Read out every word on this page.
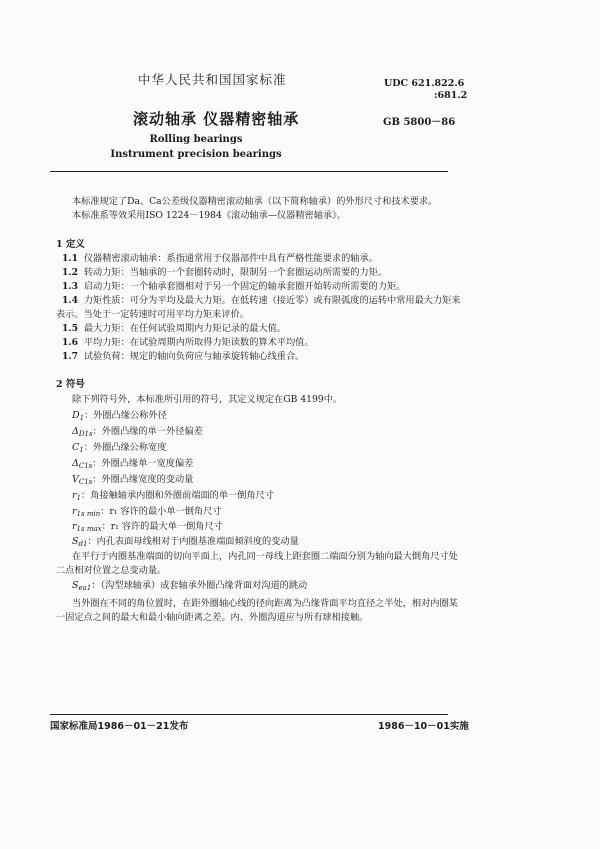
中华人民共和国国家标准	UDC 621.822.6
:681.2
滚动轴承 仪器精密轴承	GB 5800－86
Rolling bearings
Instrument precision bearings
本标准规定了Da、Ca公差级仪器精密滚动轴承（以下简称轴承）的外形尺寸和技术要求。
本标准系等效采用ISO 1224－1984《滚动轴承—仪器精密轴承》。
1 定义
1.1 仪器精密滚动轴承：系指通常用于仪器部件中具有严格性能要求的轴承。
1.2 转动力矩：当轴承的一个套圈转动时，限制另一个套圈运动所需要的力矩。
1.3 启动力矩：一个轴承套圈相对于另一个固定的轴承套圈开始转动所需要的力矩。
1.4 力矩性质：可分为平均及最大力矩。在低转速（接近零）或有限弧度的运转中常用最大力矩来
表示。当处于一定转速时可用平均力矩来评价。
1.5 最大力矩：在任何试验周期内力矩记录的最大值。
1.6 平均力矩：在试验周期内所取得力矩读数的算术平均值。
1.7 试验负荷：规定的轴向负荷应与轴承旋转轴心线重合。
2 符号
除下列符号外，本标准所引用的符号，其定义规定在GB 4199中。
$D_1$：外圈凸缘公称外径
$\Delta_{D1s}$：外圈凸缘的单一外径偏差
$C_1$：外圈凸缘公称宽度
$\Delta_{C1s}$：外圈凸缘单一宽度偏差
$V_{C1s}$：外圈凸缘宽度的变动量
$r_1$：角接触轴承内圈和外圈前端面的单一倒角尺寸
$r_{1s min}$：r₁ 容许的最小单一倒角尺寸
$r_{1s max}$：r₁ 容许的最大单一倒角尺寸
$S_{d1}$：内孔表面母线相对于内圈基准端面倾斜度的变动量
在平行于内圈基准端面的切向平面上，内孔同一母线上距套圈二端面分别为轴向最大倒角尺寸处
二点相对位置之总变动量。
$S_{ea1}$：（沟型球轴承）成套轴承外圈凸缘背面对沟道的跳动
当外圈在不同的角位置时，在距外圈轴心线的径向距离为凸缘背面平均直径之半处，相对内圈某
一固定点之间的最大和最小轴向距离之差。内、外圈沟道应与所有球相接触。
国家标准局1986－01－21发布	1986－10－01实施
